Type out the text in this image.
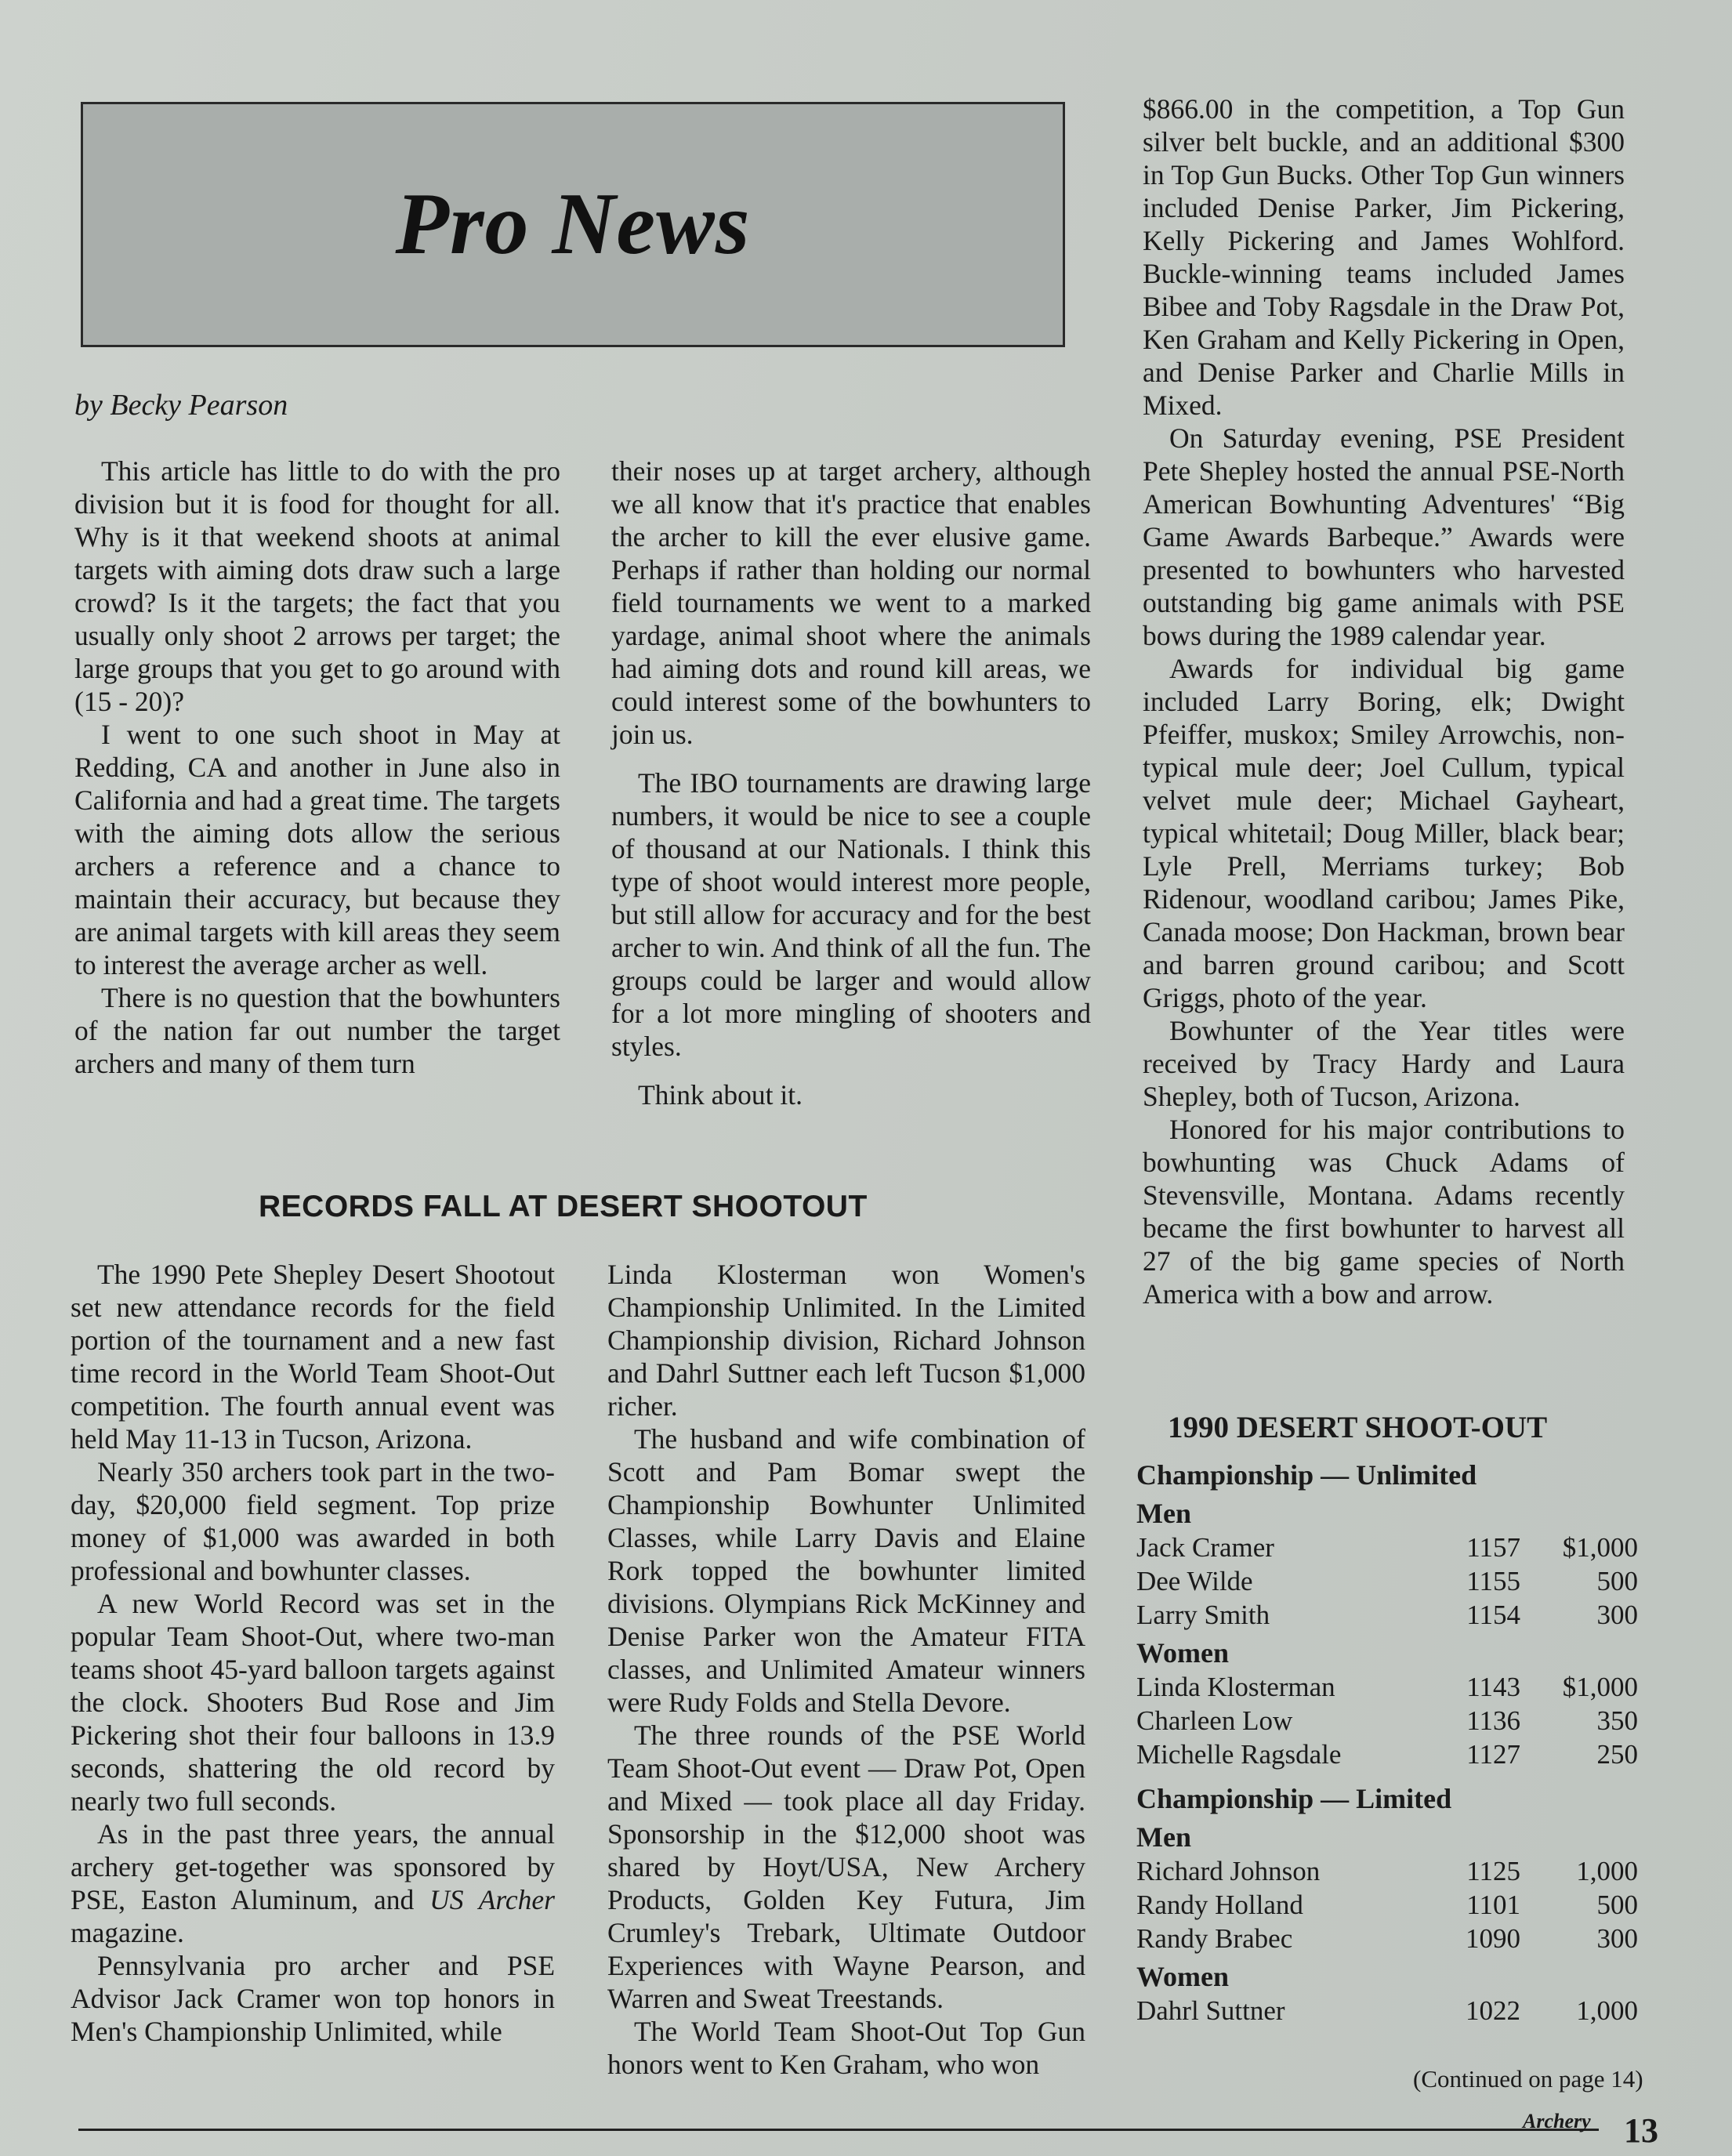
Pro News
by Becky Pearson

This article has little to do with the pro division but it is food for thought for all. Why is it that weekend shoots at animal targets with aiming dots draw such a large crowd? Is it the targets; the fact that you usually only shoot 2 arrows per target; the large groups that you get to go around with (15 - 20)?

I went to one such shoot in May at Redding, CA and another in June also in California and had a great time. The targets with the aiming dots allow the serious archers a reference and a chance to maintain their accuracy, but because they are animal targets with kill areas they seem to interest the average archer as well.

There is no question that the bowhunters of the nation far out number the target archers and many of them turn

their noses up at target archery, although we all know that it's practice that enables the archer to kill the ever elusive game. Perhaps if rather than holding our normal field tournaments we went to a marked yardage, animal shoot where the animals had aiming dots and round kill areas, we could interest some of the bowhunters to join us.

The IBO tournaments are drawing large numbers, it would be nice to see a couple of thousand at our Nationals. I think this type of shoot would interest more people, but still allow for accuracy and for the best archer to win. And think of all the fun. The groups could be larger and would allow for a lot more mingling of shooters and styles.

Think about it.

RECORDS FALL AT DESERT SHOOTOUT

The 1990 Pete Shepley Desert Shootout set new attendance records for the field portion of the tournament and a new fast time record in the World Team Shoot-Out competition. The fourth annual event was held May 11-13 in Tucson, Arizona.

Nearly 350 archers took part in the two-day, $20,000 field segment. Top prize money of $1,000 was awarded in both professional and bowhunter classes.

A new World Record was set in the popular Team Shoot-Out, where two-man teams shoot 45-yard balloon targets against the clock. Shooters Bud Rose and Jim Pickering shot their four balloons in 13.9 seconds, shattering the old record by nearly two full seconds.

As in the past three years, the annual archery get-together was sponsored by PSE, Easton Aluminum, and US Archer magazine.

Pennsylvania pro archer and PSE Advisor Jack Cramer won top honors in Men's Championship Unlimited, while

Linda Klosterman won Women's Championship Unlimited. In the Limited Championship division, Richard Johnson and Dahrl Suttner each left Tucson $1,000 richer.

The husband and wife combination of Scott and Pam Bomar swept the Championship Bowhunter Unlimited Classes, while Larry Davis and Elaine Rork topped the bowhunter limited divisions. Olympians Rick McKinney and Denise Parker won the Amateur FITA classes, and Unlimited Amateur winners were Rudy Folds and Stella Devore.

The three rounds of the PSE World Team Shoot-Out event — Draw Pot, Open and Mixed — took place all day Friday. Sponsorship in the $12,000 shoot was shared by Hoyt/USA, New Archery Products, Golden Key Futura, Jim Crumley's Trebark, Ultimate Outdoor Experiences with Wayne Pearson, and Warren and Sweat Treestands.

The World Team Shoot-Out Top Gun honors went to Ken Graham, who won

$866.00 in the competition, a Top Gun silver belt buckle, and an additional $300 in Top Gun Bucks. Other Top Gun winners included Denise Parker, Jim Pickering, Kelly Pickering and James Wohlford. Buckle-winning teams included James Bibee and Toby Ragsdale in the Draw Pot, Ken Graham and Kelly Pickering in Open, and Denise Parker and Charlie Mills in Mixed.

On Saturday evening, PSE President Pete Shepley hosted the annual PSE-North American Bowhunting Adventures' “Big Game Awards Barbeque.” Awards were presented to bowhunters who harvested outstanding big game animals with PSE bows during the 1989 calendar year.

Awards for individual big game included Larry Boring, elk; Dwight Pfeiffer, muskox; Smiley Arrowchis, non-typical mule deer; Joel Cullum, typical velvet mule deer; Michael Gayheart, typical whitetail; Doug Miller, black bear; Lyle Prell, Merriams turkey; Bob Ridenour, woodland caribou; James Pike, Canada moose; Don Hackman, brown bear and barren ground caribou; and Scott Griggs, photo of the year.

Bowhunter of the Year titles were received by Tracy Hardy and Laura Shepley, both of Tucson, Arizona.

Honored for his major contributions to bowhunting was Chuck Adams of Stevensville, Montana. Adams recently became the first bowhunter to harvest all 27 of the big game species of North America with a bow and arrow.

1990 DESERT SHOOT-OUT
Championship — Unlimited
Men
Jack Cramer	1157	$1,000
Dee Wilde	1155	500
Larry Smith	1154	300
Women
Linda Klosterman	1143	$1,000
Charleen Low	1136	350
Michelle Ragsdale	1127	250
Championship — Limited
Men
Richard Johnson	1125	1,000
Randy Holland	1101	500
Randy Brabec	1090	300
Women
Dahrl Suttner	1022	1,000
(Continued on page 14)
Archery 13
